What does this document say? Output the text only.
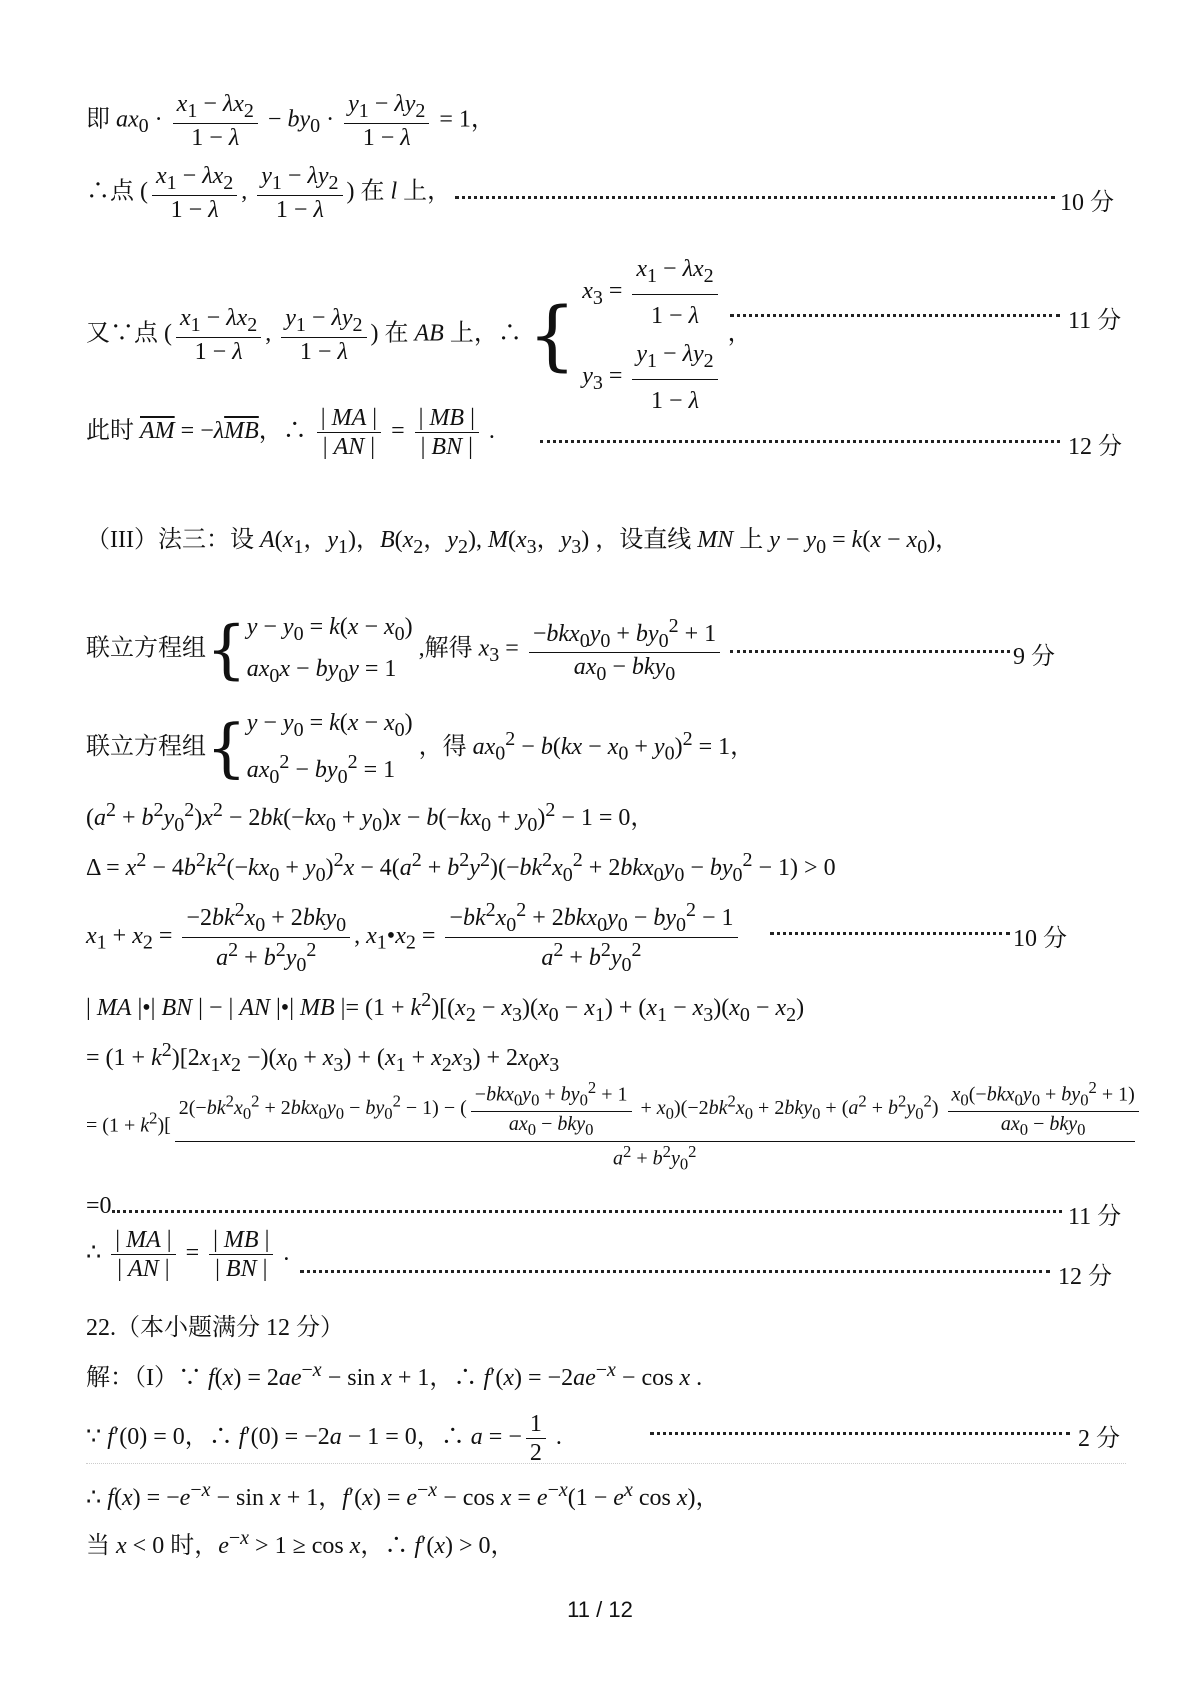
即 $ax_0 \cdot \frac{x_1 - \lambda x_2}{1 - \lambda} - by_0 \cdot \frac{y_1 - \lambda y_2}{1 - \lambda} = 1$，
∴点 ( $\frac{x_1 - \lambda x_2}{1 - \lambda}$ , $\frac{y_1 - \lambda y_2}{1 - \lambda}$ ) 在 l 上，	10 分
又∵点 ( $\frac{x_1 - \lambda x_2}{1 - \lambda}$ , $\frac{y_1 - \lambda y_2}{1 - \lambda}$ ) 在 AB 上，∴ { $x_3 = \frac{x_1 - \lambda x_2}{1 - \lambda}$

$y_3 = \frac{y_1 - \lambda y_2}{1 - \lambda}$
，	11 分
此时 $\overline{AM} = -\lambda\overline{MB}$，∴ $\frac{| MA |}{| AN |} = \frac{| MB |}{| BN |}$ .
12 分
（III）法三：设 $A(x_1$，$y_1$)，$B(x_2$，$y_2$), $M(x_3$，$y_3$) ，设直线 MN 上 $y - y_0 = k(x - x_0)$，
联立方程组{$y - y_0 = k(x - x_0)$
$ax_0x - by_0y = 1$ ,解得 $x_3 = \frac{-bkx_0y_0 + by_0^2 + 1}{ax_0 - bky_0}$	9 分
联立方程组{$y - y_0 = k(x - x_0)$
$ax_0^2 - by_0^2 = 1$ ，得 $ax_0^2 - b(kx - x_0 + y_0)^2 = 1$，
$(a^2 + b^2y_0^2)x^2 - 2bk(-kx_0 + y_0)x - b(-kx_0 + y_0)^2 - 1 = 0$，
$\Delta = x^2 - 4b^2k^2(-kx_0 + y_0)^2x - 4(a^2 + b^2y^2)(-bk^2x_0^2 + 2bkx_0y_0 - by_0^2 - 1) > 0$
$x_1 + x_2 = \frac{-2bk^2x_0 + 2bky_0}{a^2 + b^2y_0^2}$ , $x_1•x_2 = \frac{-bk^2x_0^2 + 2bkx_0y_0 - by_0^2 - 1}{a^2 + b^2y_0^2}$	10 分
| MA |•| BN | − | AN |•| MB |= $(1 + k^2)[(x_2 - x_3)(x_0 - x_1) + (x_1 - x_3)(x_0 - x_2)$
= $(1 + k^2)[2x_1x_2 -)(x_0 + x_3) + (x_1 + x_2x_3) + 2x_0x_3$
= $(1 + k^2)$[
$2(-bk^2x_0^2 + 2bkx_0y_0 - by_0^2 - 1)$ − ( $\frac{-bkx_0y_0 + by_0^2 + 1}{ax_0 - bky_0} + x_0)(-2bk^2x_0 + 2bky_0 + (a^2 + b^2y_0^2) \frac{x_0(-bkx_0y_0 + by_0^2 + 1)}{ax_0 - bky_0}$
$a^2 + b^2y_0^2$
=0	11 分
∴ $\frac{| MA |}{| AN |} = \frac{| MB |}{| BN |}$ .
12 分
22.（本小题满分 12 分）
解：（I）∵ $f(x) = 2ae^{-x} - \sin x + 1$，∴ $f'(x) = -2ae^{-x} - \cos x$ .
∵ f′(0) = 0，∴ f′(0) = −2a − 1 = 0，∴ a = − $\frac{1}{2}$ .	2 分
∴ $f(x) = -e^{-x} - \sin x + 1$，$f'(x) = e^{-x} - \cos x = e^{-x}(1 - e^x$ cos x)，
当 x < 0 时，$e^{-x} > 1 \ge \cos x$，∴ f′(x) > 0，
11 / 12
